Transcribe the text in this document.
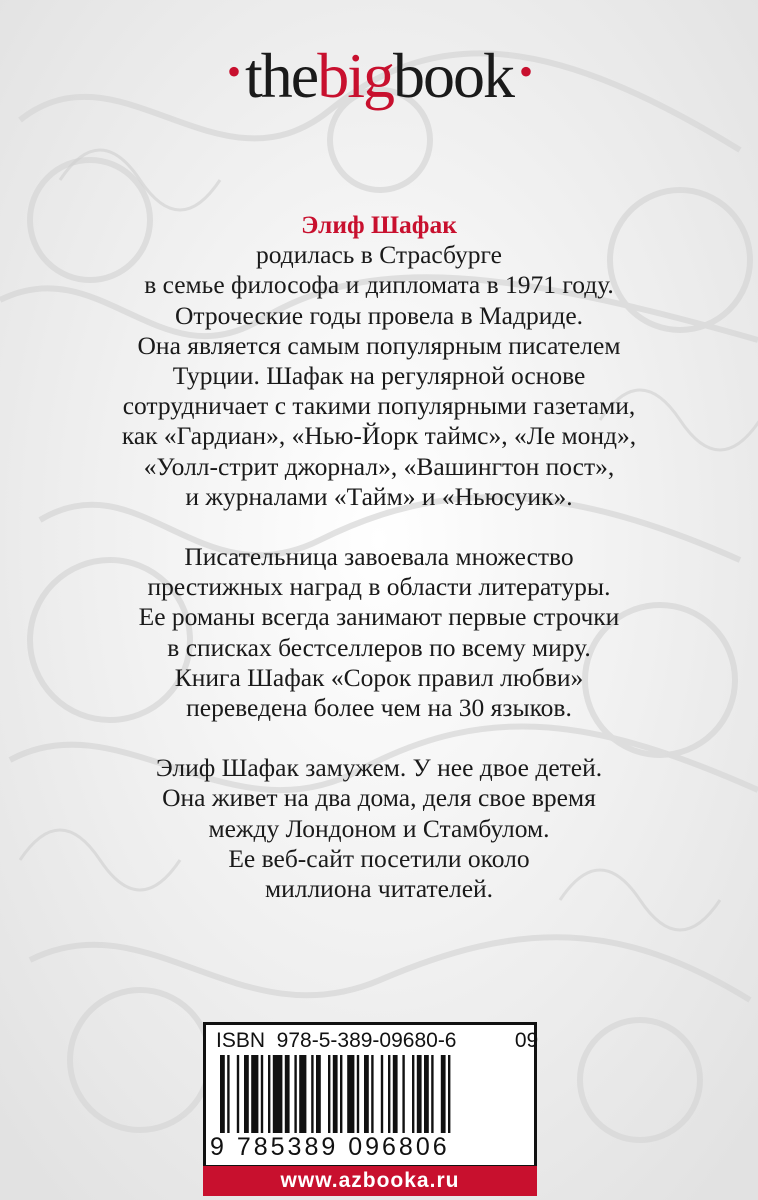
•thebigbook •

Элиф Шафак

родилась в Страсбурге
в семье философа и дипломата в 1971 году.
Отроческие годы провела в Мадриде.
Она является самым популярным писателем
Турции. Шафак на регулярной основе
сотрудничает с такими популярными газетами,
как «Гардиан», «Нью-Йорк таймс», «Ле монд»,
«Уолл-стрит джорнал», «Вашингтон пост»,
и журналами «Тайм» и «Ньюсуик».

Писательница завоевала множество
престижных наград в области литературы.
Ее романы всегда занимают первые строчки
в списках бестселлеров по всему миру.
Книга Шафак «Сорок правил любви»
переведена более чем на 30 языков.

Элиф Шафак замужем. У нее двое детей.
Она живет на два дома, деля свое время
между Лондоном и Стамбулом.
Ее веб-сайт посетили около
миллиона читателей.

ISBN  978-5-389-09680-6          09
9 785389 096806
www.azbooka.ru
